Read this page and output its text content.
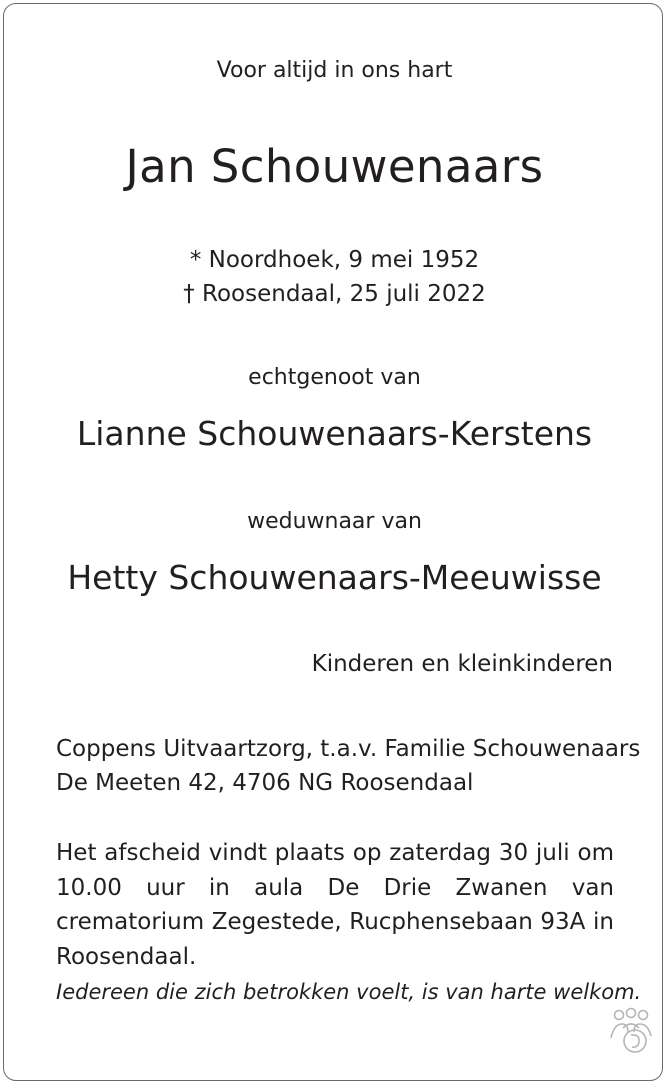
Voor altijd in ons hart
Jan Schouwenaars
* Noordhoek, 9 mei 1952
† Roosendaal, 25 juli 2022
echtgenoot van
Lianne Schouwenaars-Kerstens
weduwnaar van
Hetty Schouwenaars-Meeuwisse
Kinderen en kleinkinderen
Coppens Uitvaartzorg, t.a.v. Familie Schouwenaars
De Meeten 42, 4706 NG Roosendaal
Het afscheid vindt plaats op zaterdag 30 juli om 10.00 uur in aula De Drie Zwanen van crematorium Zegestede, Rucphensebaan 93A in Roosendaal.
Iedereen die zich betrokken voelt, is van harte welkom.
